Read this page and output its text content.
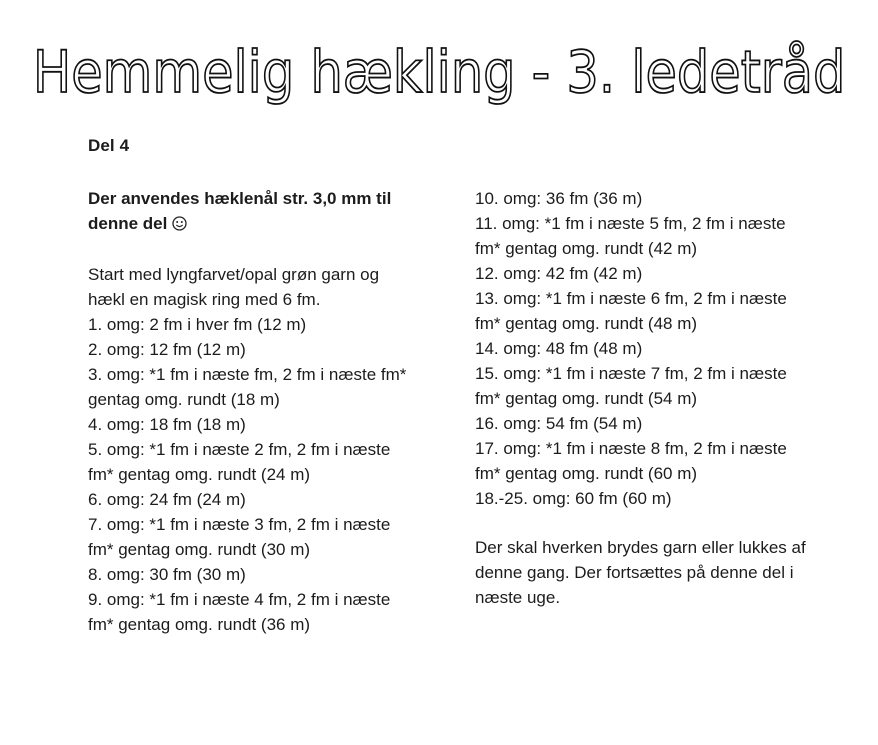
Hemmelig hækling - 3. ledetråd
Del 4
Der anvendes hæklenål str. 3,0 mm til denne del

Start med lyngfarvet/opal grøn garn og hækl en magisk ring med 6 fm.

1. omg: 2 fm i hver fm (12 m)

2. omg: 12 fm (12 m)

3. omg: *1 fm i næste fm, 2 fm i næste fm* gentag omg. rundt (18 m)

4. omg: 18 fm (18 m)

5. omg: *1 fm i næste 2 fm, 2 fm i næste fm* gentag omg. rundt (24 m)

6. omg: 24 fm (24 m)

7. omg: *1 fm i næste 3 fm, 2 fm i næste fm* gentag omg. rundt (30 m)

8. omg: 30 fm (30 m)

9. omg: *1 fm i næste 4 fm, 2 fm i næste fm* gentag omg. rundt (36 m)

10. omg: 36 fm (36 m)

11. omg: *1 fm i næste 5 fm, 2 fm i næste fm* gentag omg. rundt (42 m)

12. omg: 42 fm (42 m)

13. omg: *1 fm i næste 6 fm, 2 fm i næste fm* gentag omg. rundt (48 m)

14. omg: 48 fm (48 m)

15. omg: *1 fm i næste 7 fm, 2 fm i næste fm* gentag omg. rundt (54 m)

16. omg: 54 fm (54 m)

17. omg: *1 fm i næste 8 fm, 2 fm i næste fm* gentag omg. rundt (60 m)

18.-25. omg: 60 fm (60 m)

Der skal hverken brydes garn eller lukkes af denne gang. Der fortsættes på denne del i næste uge.
